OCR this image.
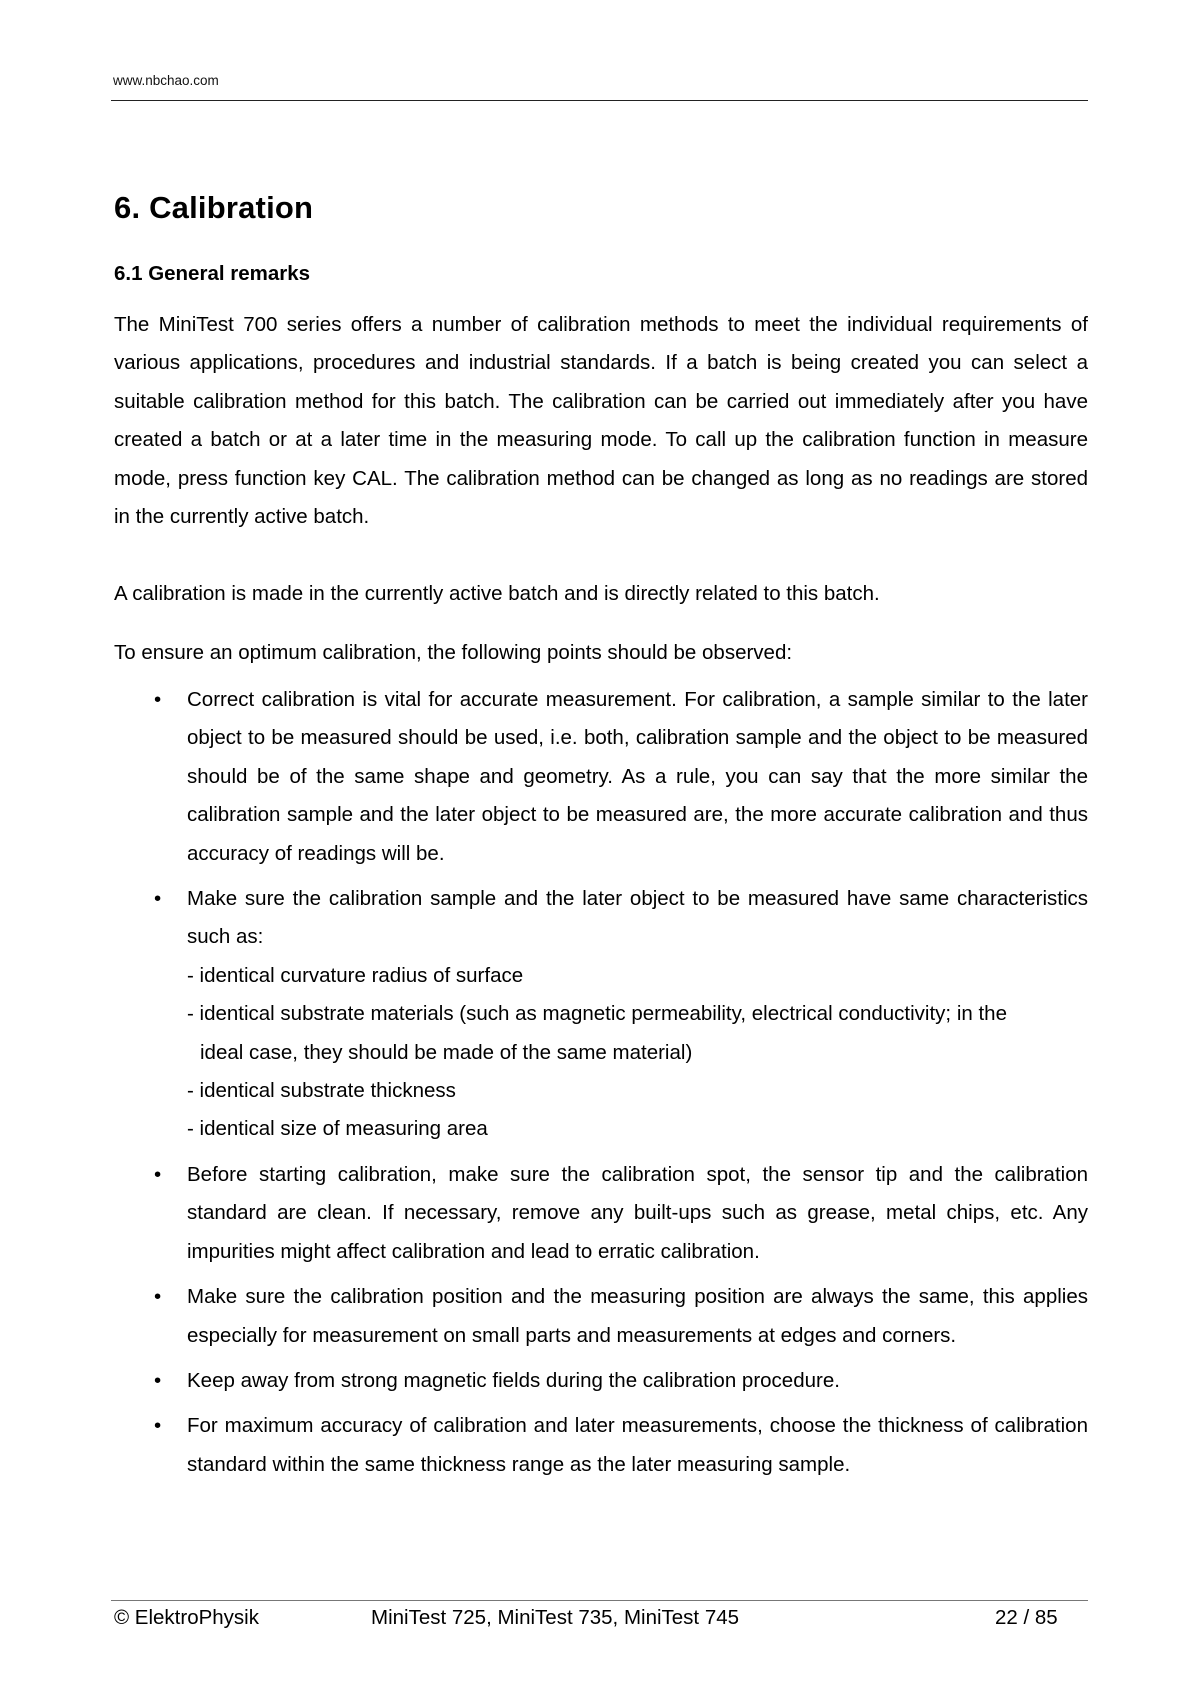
www.nbchao.com
6. Calibration
6.1 General remarks

The MiniTest 700 series offers a number of calibration methods to meet the individual requirements of various applications, procedures and industrial standards. If a batch is being created you can select a suitable calibration method for this batch. The calibration can be carried out immediately after you have created a batch or at a later time in the measuring mode. To call up the calibration function in measure mode, press function key CAL. The calibration method can be changed as long as no readings are stored in the currently active batch.

A calibration is made in the currently active batch and is directly related to this batch.

To ensure an optimum calibration, the following points should be observed:

• Correct calibration is vital for accurate measurement. For calibration, a sample similar to the later object to be measured should be used, i.e. both, calibration sample and the object to be measured should be of the same shape and geometry. As a rule, you can say that the more similar the calibration sample and the later object to be measured are, the more accurate calibration and thus accuracy of readings will be.
• Make sure the calibration sample and the later object to be measured have same characteristics such as:
- identical curvature radius of surface
- identical substrate materials (such as magnetic permeability, electrical conductivity; in the
ideal case, they should be made of the same material)
- identical substrate thickness
- identical size of measuring area
• Before starting calibration, make sure the calibration spot, the sensor tip and the calibration standard are clean. If necessary, remove any built-ups such as grease, metal chips, etc. Any impurities might affect calibration and lead to erratic calibration.
• Make sure the calibration position and the measuring position are always the same, this applies especially for measurement on small parts and measurements at edges and corners.
• Keep away from strong magnetic fields during the calibration procedure.
• For maximum accuracy of calibration and later measurements, choose the thickness of calibration standard within the same thickness range as the later measuring sample.
© ElektroPhysik	MiniTest 725, MiniTest 735, MiniTest 745	22 / 85
